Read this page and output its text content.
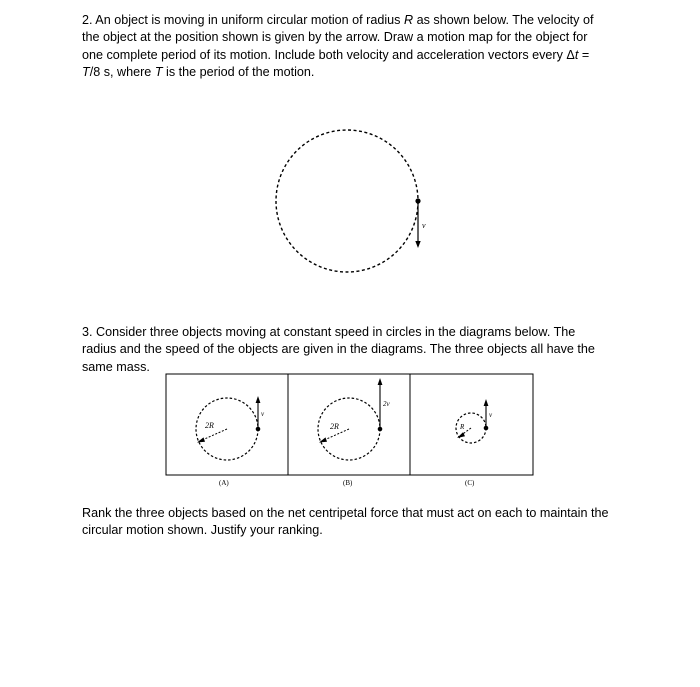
2. An object is moving in uniform circular motion of radius R as shown below. The velocity of
the object at the position shown is given by the arrow. Draw a motion map for the object for
one complete period of its motion. Include both velocity and acceleration vectors every Δt =
T/8 s, where T is the period of the motion.
v
v
2R
(A)
2v
2R
(B)
v
R
(C)
3. Consider three objects moving at constant speed in circles in the diagrams below. The
radius and the speed of the objects are given in the diagrams. The three objects all have the
same mass.
Rank the three objects based on the net centripetal force that must act on each to maintain the
circular motion shown. Justify your ranking.
